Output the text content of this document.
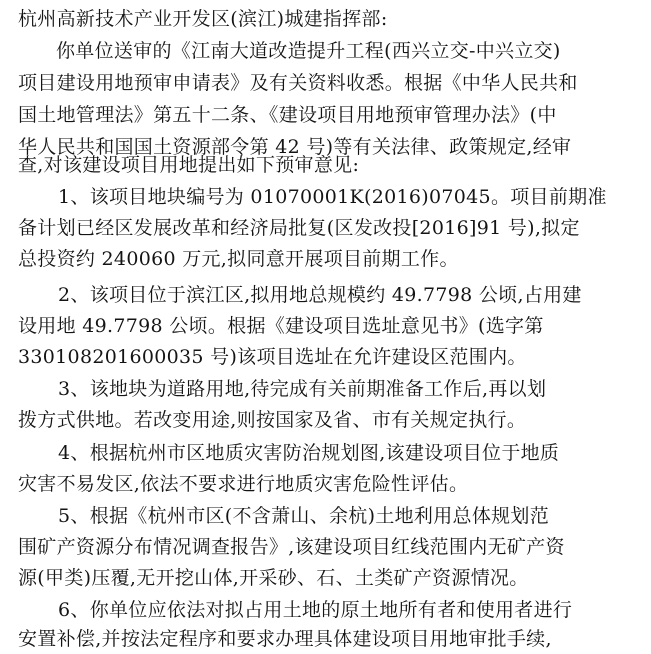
杭州高新技术产业开发区(滨江)城建指挥部:
你单位送审的《江南大道改造提升工程(西兴立交-中兴立交)
项目建设用地预审申请表》及有关资料收悉。根据《中华人民共和
国土地管理法》第五十二条、《建设项目用地预审管理办法》(中
华人民共和国国土资源部令第 42 号)等有关法律、政策规定,经审
查,对该建设项目用地提出如下预审意见:
1、该项目地块编号为 01070001K(2016)07045。项目前期准
备计划已经区发展改革和经济局批复(区发改投[2016]91 号),拟定
总投资约 240060 万元,拟同意开展项目前期工作。
2、该项目位于滨江区,拟用地总规模约 49.7798 公顷,占用建
设用地 49.7798 公顷。根据《建设项目选址意见书》(选字第
330108201600035 号)该项目选址在允许建设区范围内。
3、该地块为道路用地,待完成有关前期准备工作后,再以划
拨方式供地。若改变用途,则按国家及省、市有关规定执行。
4、根据杭州市区地质灾害防治规划图,该建设项目位于地质
灾害不易发区,依法不要求进行地质灾害危险性评估。
5、根据《杭州市区(不含萧山、余杭)土地利用总体规划范
围矿产资源分布情况调查报告》,该建设项目红线范围内无矿产资
源(甲类)压覆,无开挖山体,开采砂、石、土类矿产资源情况。
6、你单位应依法对拟占用土地的原土地所有者和使用者进行
安置补偿,并按法定程序和要求办理具体建设项目用地审批手续,
